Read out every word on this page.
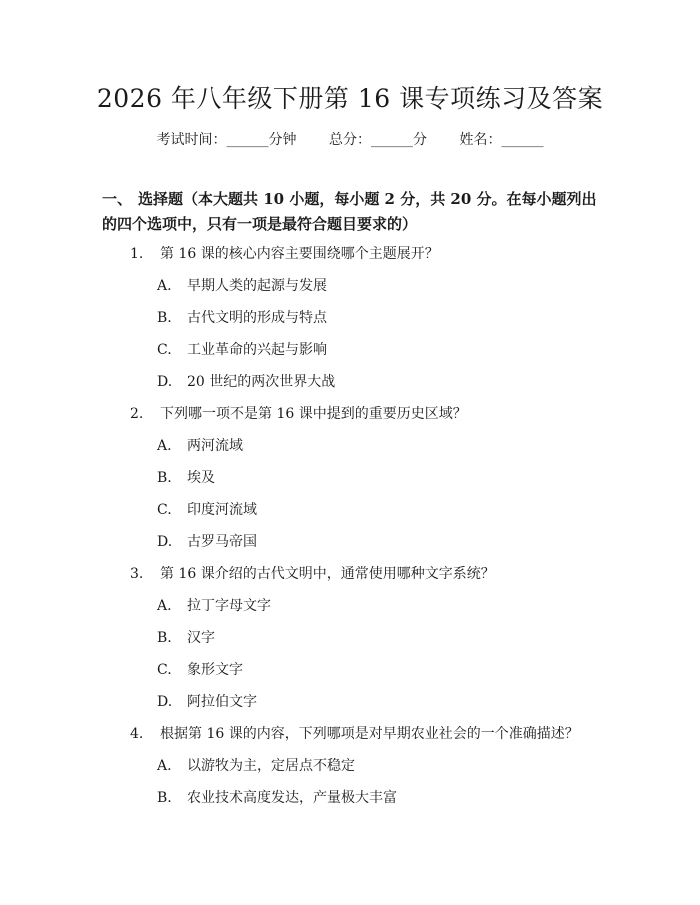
2026 年八年级下册第 16 课专项练习及答案
考试时间：______分钟 总分：______分 姓名：______
一、 选择题（本大题共 10 小题，每小题 2 分，共 20 分。在每小题列出的四个选项中，只有一项是最符合题目要求的）
1. 第 16 课的核心内容主要围绕哪个主题展开？
A. 早期人类的起源与发展
B. 古代文明的形成与特点
C. 工业革命的兴起与影响
D. 20 世纪的两次世界大战
2. 下列哪一项不是第 16 课中提到的重要历史区域？
A. 两河流域
B. 埃及
C. 印度河流域
D. 古罗马帝国
3. 第 16 课介绍的古代文明中，通常使用哪种文字系统？
A. 拉丁字母文字
B. 汉字
C. 象形文字
D. 阿拉伯文字
4. 根据第 16 课的内容，下列哪项是对早期农业社会的一个准确描述？
A. 以游牧为主，定居点不稳定
B. 农业技术高度发达，产量极大丰富
